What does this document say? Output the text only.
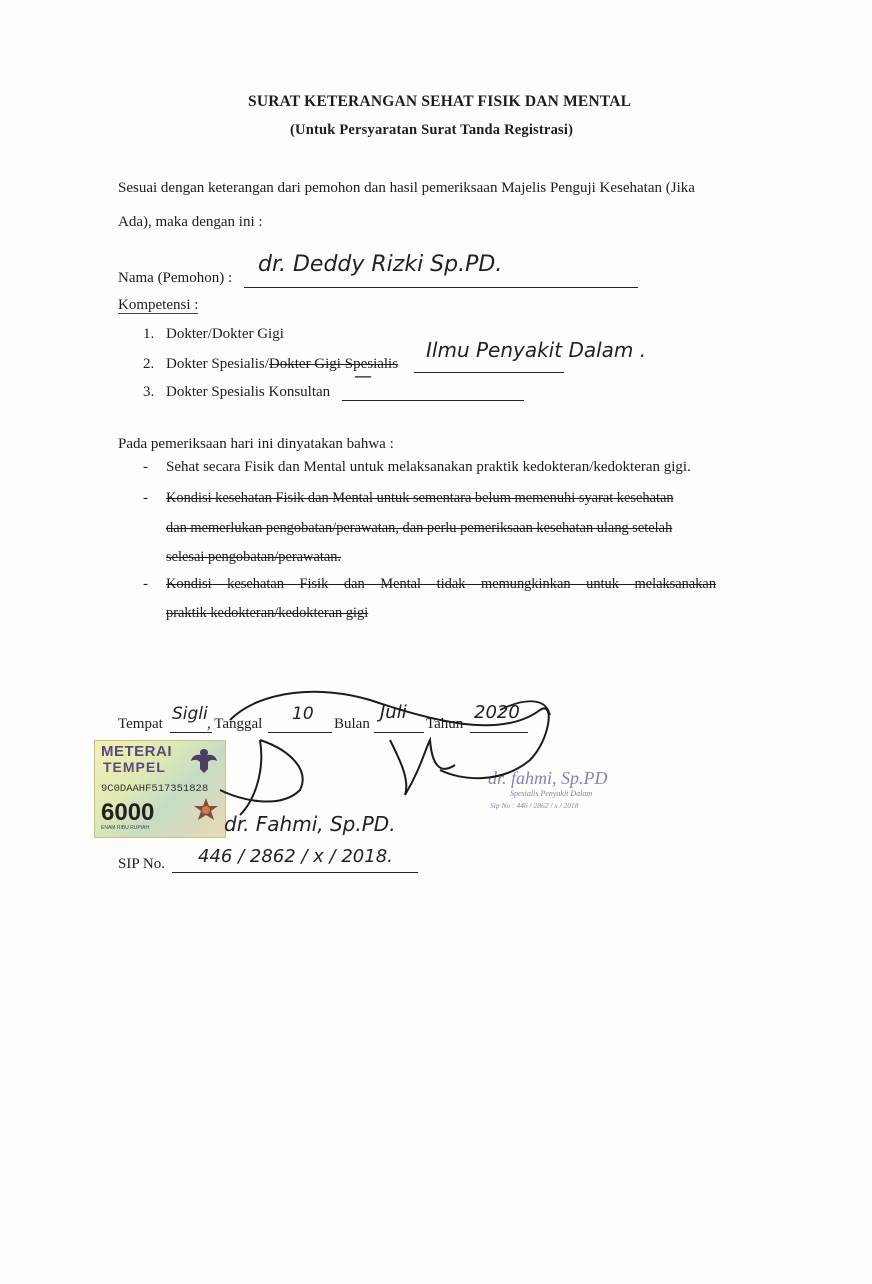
SURAT KETERANGAN SEHAT FISIK DAN MENTAL
(Untuk Persyaratan Surat Tanda Registrasi)
Sesuai dengan keterangan dari pemohon dan hasil pemeriksaan Majelis Penguji Kesehatan (Jika
Ada), maka dengan ini :
Nama (Pemohon) :
dr. Deddy Rizki Sp.PD.
Kompetensi :
1. Dokter/Dokter Gigi
2. Dokter Spesialis/Dokter Gigi Spesialis
Ilmu Penyakit Dalam .
3. Dokter Spesialis Konsultan
—
Pada pemeriksaan hari ini dinyatakan bahwa :
- Sehat secara Fisik dan Mental untuk melaksanakan praktik kedokteran/kedokteran gigi.
- Kondisi kesehatan Fisik dan Mental untuk sementara belum memenuhi syarat kesehatan
dan memerlukan pengobatan/perawatan, dan perlu pemeriksaan kesehatan ulang setelah
selesai pengobatan/perawatan.
- Kondisi kesehatan Fisik dan Mental tidak memungkinkan untuk melaksanakan
praktik kedokteran/kedokteran gigi
Tempat Sigli , Tanggal 10 Bulan
Juli
Tahun
2020
dr. fahmi, Sp.PD
Spesialis Penyakit Dalam
Sip No : 446 / 2862 / x / 2018
METERAI
TEMPEL
9C0DAAHF517351828
6000
ENAM RIBU RUPIAH	dr. Fahmi, Sp.PD.
SIP No. 446 / 2862 / x / 2018.
